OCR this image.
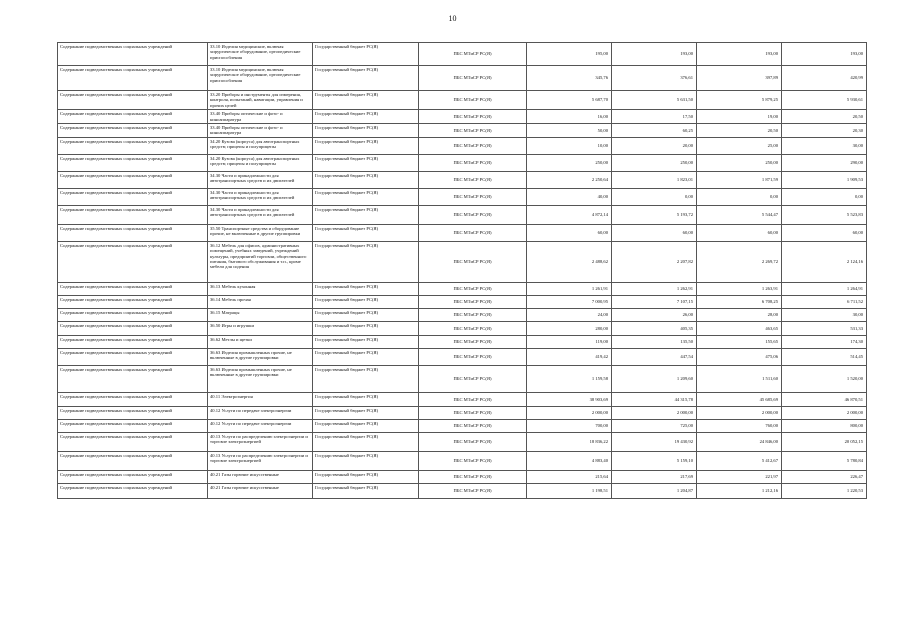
10
Содержание подведомственных социальных учреждений	33.10 Изделия медицинские, включая хирургическое оборудование, ортопедические приспособления	Государственный бюджет РС(Я)	ПБС МТиСР РС(Я)	195,00	193,00	193,00	193,00
Содержание подведомственных социальных учреждений	33.10 Изделия медицинские, включая хирургическое оборудование, ортопедические приспособления	Государственный бюджет РС(Я)	ПБС МТиСР РС(Я)	345,76	376,61	397,89	420,99
Содержание подведомственных социальных учреждений	33.20 Приборы и инструменты для измерения, контроля, испытаний, навигации, управления и прочих целей	Государственный бюджет РС(Я)	ПБС МТиСР РС(Я)	5 687,70	5 631,50	5 879,25	5 930,61
Содержание подведомственных социальных учреждений	33.40 Приборы оптические и фото- и киноаппаратура	Государственный бюджет РС(Я)	ПБС МТиСР РС(Я)	16,00	17,50	19,00	20,50
Содержание подведомственных социальных учреждений	33.40 Приборы оптические и фото- и киноаппаратура	Государственный бюджет РС(Я)	ПБС МТиСР РС(Я)	50,00	60,25	20,50	20,30
Содержание подведомственных социальных учреждений	34.20 Кузова (корпуса) для автотранспортных средств; прицепы и полуприцепы	Государственный бюджет РС(Я)	ПБС МТиСР РС(Я)	10,00	20,00	25,00	30,00
Содержание подведомственных социальных учреждений	34.20 Кузова (корпуса) для автотранспортных средств; прицепы и полуприцепы	Государственный бюджет РС(Я)	ПБС МТиСР РС(Я)	250,00	250,00	250,00	290,00
Содержание подведомственных социальных учреждений	34.30 Части и принадлежности для автотранспортных средств и их двигателей	Государственный бюджет РС(Я)	ПБС МТиСР РС(Я)	2 250,64	1 823,01	1 871,59	1 909,53
Содержание подведомственных социальных учреждений	34.30 Части и принадлежности для автотранспортных средств и их двигателей	Государственный бюджет РС(Я)	ПБС МТиСР РС(Я)	40,00	0,00	0,00	0,00
Содержание подведомственных социальных учреждений	34.30 Части и принадлежности для автотранспортных средств и их двигателей	Государственный бюджет РС(Я)	ПБС МТиСР РС(Я)	4 872,14	5 193,72	5 544,47	5 523,83
Содержание подведомственных социальных учреждений	35.50 Транспортные средства и оборудование прочие, не включенные в другие группировки	Государственный бюджет РС(Я)	ПБС МТиСР РС(Я)	60,00	60,00	60,00	60,00
Содержание подведомственных социальных учреждений	36.12 Мебель для офисов, административных помещений, учебных заведений, учреждений культуры, предприятий торговли, общественного питания, бытового обслуживания и т.п., кроме мебели для сидения	Государственный бюджет РС(Я)	ПБС МТиСР РС(Я)	2 488,62	2 207,82	2 269,72	2 124,16
Содержание подведомственных социальных учреждений	36.13 Мебель кухонная	Государственный бюджет РС(Я)	ПБС МТиСР РС(Я)	1 261,91	1 262,91	1 263,91	1 264,91
Содержание подведомственных социальных учреждений	36.14 Мебель прочая	Государственный бюджет РС(Я)	ПБС МТиСР РС(Я)	7 000,95	7 107,15	6 708,25	6 711,52
Содержание подведомственных социальных учреждений	36.15 Матрацы	Государственный бюджет РС(Я)	ПБС МТиСР РС(Я)	24,00	26,00	28,00	30,00
Содержание подведомственных социальных учреждений	36.50 Игры и игрушки	Государственный бюджет РС(Я)	ПБС МТиСР РС(Я)	280,00	405,35	463,65	531,33
Содержание подведомственных социальных учреждений	36.62 Метлы и щетки	Государственный бюджет РС(Я)	ПБС МТиСР РС(Я)	119,00	135,50	155,65	174,30
Содержание подведомственных социальных учреждений	36.63 Изделия промышленных прочие, не включенные в другие группировки	Государственный бюджет РС(Я)	ПБС МТиСР РС(Я)	419,42	447,54	475,06	514,45
Содержание подведомственных социальных учреждений	36.63 Изделия промышленных прочие, не включенные в другие группировки	Государственный бюджет РС(Я)	ПБС МТиСР РС(Я)	1 159,58	1 209,60	1 511,60	1 520,00
Содержание подведомственных социальных учреждений	40.11 Электроэнергия	Государственный бюджет РС(Я)	ПБС МТиСР РС(Я)	38 903,69	44 315,78	45 685,69	46 870,51
Содержание подведомственных социальных учреждений	40.12 Услуги по передаче электроэнергии	Государственный бюджет РС(Я)	ПБС МТиСР РС(Я)	2 000,00	2 000,00	2 000,00	2 000,00
Содержание подведомственных социальных учреждений	40.12 Услуги по передаче электроэнергии	Государственный бюджет РС(Я)	ПБС МТиСР РС(Я)	700,00	725,00	760,00	800,00
Содержание подведомственных социальных учреждений	40.13 Услуги по распределению электроэнергии и торговле электроэнергией	Государственный бюджет РС(Я)	ПБС МТиСР РС(Я)	18 836,22	19 430,92	24 846,00	20 052,15
Содержание подведомственных социальных учреждений	40.13 Услуги по распределению электроэнергии и торговле электроэнергией	Государственный бюджет РС(Я)	ПБС МТиСР РС(Я)	4 883,40	5 159,10	5 412,67	5 780,84
Содержание подведомственных социальных учреждений	40.21 Газы горючие искусственные	Государственный бюджет РС(Я)	ПБС МТиСР РС(Я)	215,64	217,69	221,97	226,47
Содержание подведомственных социальных учреждений	40.21 Газы горючие искусственные	Государственный бюджет РС(Я)	ПБС МТиСР РС(Я)	1 198,51	1 204,87	1 212,16	1 220,53
